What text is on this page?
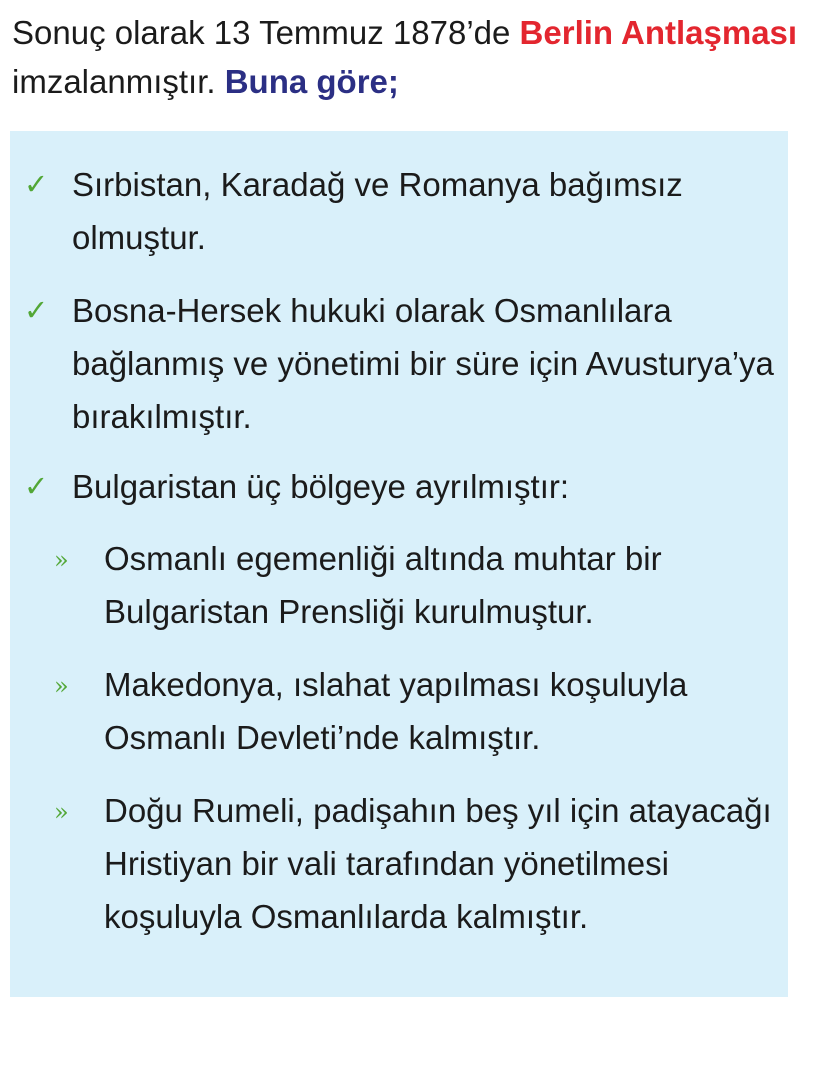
Sonuç olarak 13 Temmuz 1878’de Berlin Antlaşması imzalanmıştır. Buna göre;

✓ Sırbistan, Karadağ ve Romanya bağımsız olmuştur.
✓ Bosna-Hersek hukuki olarak Osmanlılara bağlanmış ve yönetimi bir süre için Avusturya’ya bırakılmıştır.
✓ Bulgaristan üç bölgeye ayrılmıştır:
» Osmanlı egemenliği altında muhtar bir Bulgaristan Prensliği kurulmuştur.
» Makedonya, ıslahat yapılması koşuluyla Osmanlı Devleti’nde kalmıştır.
» Doğu Rumeli, padişahın beş yıl için atayacağı Hristiyan bir vali tarafından yönetilmesi koşuluyla Osmanlılarda kalmıştır.
